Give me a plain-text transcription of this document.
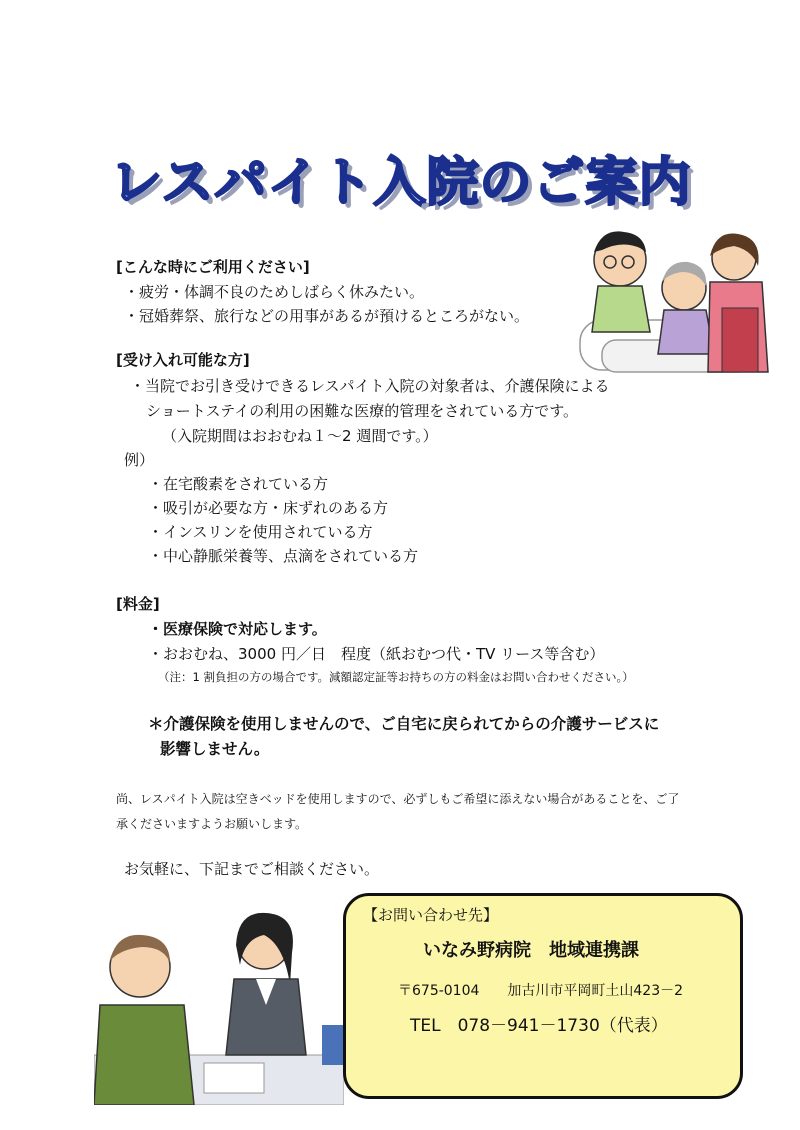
レスパイト入院のご案内
[こんな時にご利用ください]
・疲労・体調不良のためしばらく休みたい。
・冠婚葬祭、旅行などの用事があるが預けるところがない。
[受け入れ可能な方]
・当院でお引き受けできるレスパイト入院の対象者は、介護保険による
ショートステイの利用の困難な医療的管理をされている方です。
（入院期間はおおむね１～2 週間です。）
例）
・在宅酸素をされている方
・吸引が必要な方・床ずれのある方
・インスリンを使用されている方
・中心静脈栄養等、点滴をされている方
[料金]
・医療保険で対応します。
・おおむね、3000 円／日　程度（紙おむつ代・TV リース等含む）
（注：1 割負担の方の場合です。減額認定証等お持ちの方の料金はお問い合わせください。）
＊介護保険を使用しませんので、ご自宅に戻られてからの介護サービスに
影響しません。
尚、レスパイト入院は空きベッドを使用しますので、必ずしもご希望に添えない場合があることを、ご了
承くださいますようお願いします。
お気軽に、下記までご相談ください。
【お問い合わせ先】
いなみ野病院　地域連携課
〒675-0104　　加古川市平岡町土山423－2
TEL　078－941－1730（代表）
